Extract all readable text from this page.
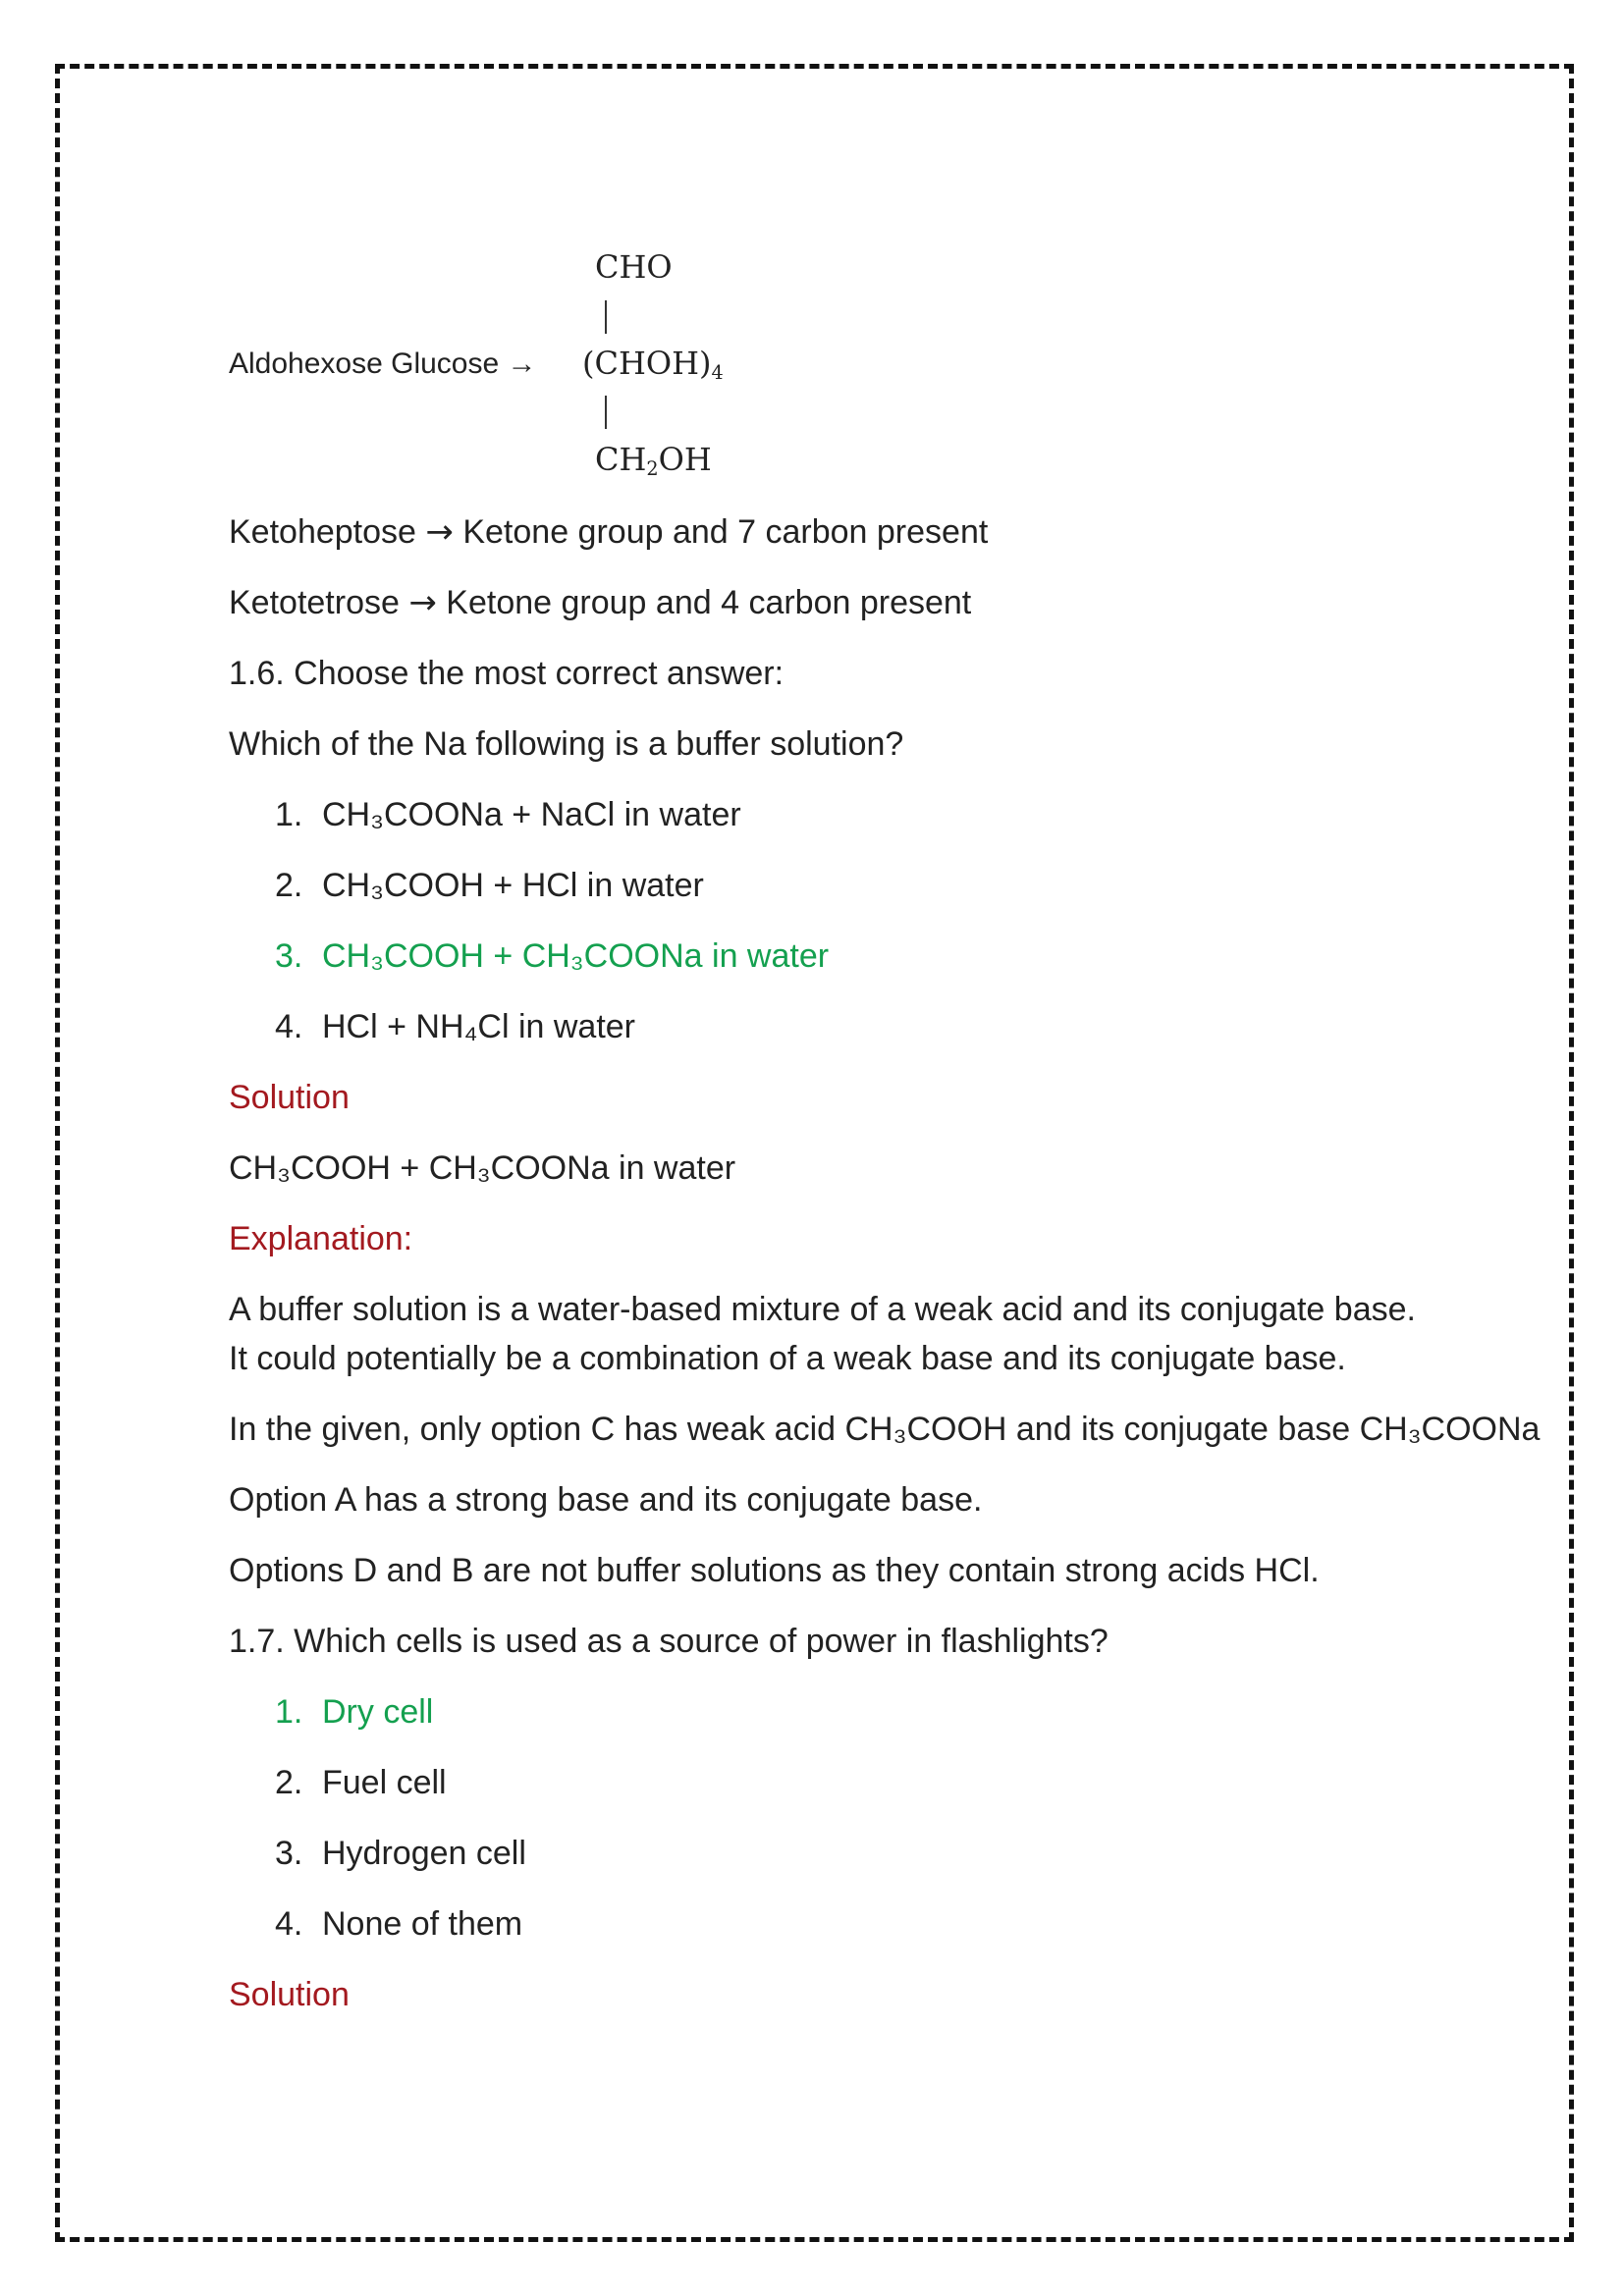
Aldohexose Glucose →
CHO
$(CHOH)_4$
$CH_2OH$
Ketoheptose → Ketone group and 7 carbon present
Ketotetrose → Ketone group and 4 carbon present
1.6. Choose the most correct answer:
Which of the Na following is a buffer solution?
1. CH₃COONa + NaCl in water
2. CH₃COOH + HCl in water
3. CH₃COOH + CH₃COONa in water
4. HCl + NH₄Cl in water
Solution
CH₃COOH + CH₃COONa in water
Explanation:
A buffer solution is a water-based mixture of a weak acid and its conjugate base. It could potentially be a combination of a weak base and its conjugate base.
In the given, only option C has weak acid CH₃COOH and its conjugate base CH₃COONa
Option A has a strong base and its conjugate base.
Options D and B are not buffer solutions as they contain strong acids HCl.
1.7. Which cells is used as a source of power in flashlights?
1. Dry cell
2. Fuel cell
3. Hydrogen cell
4. None of them
Solution
